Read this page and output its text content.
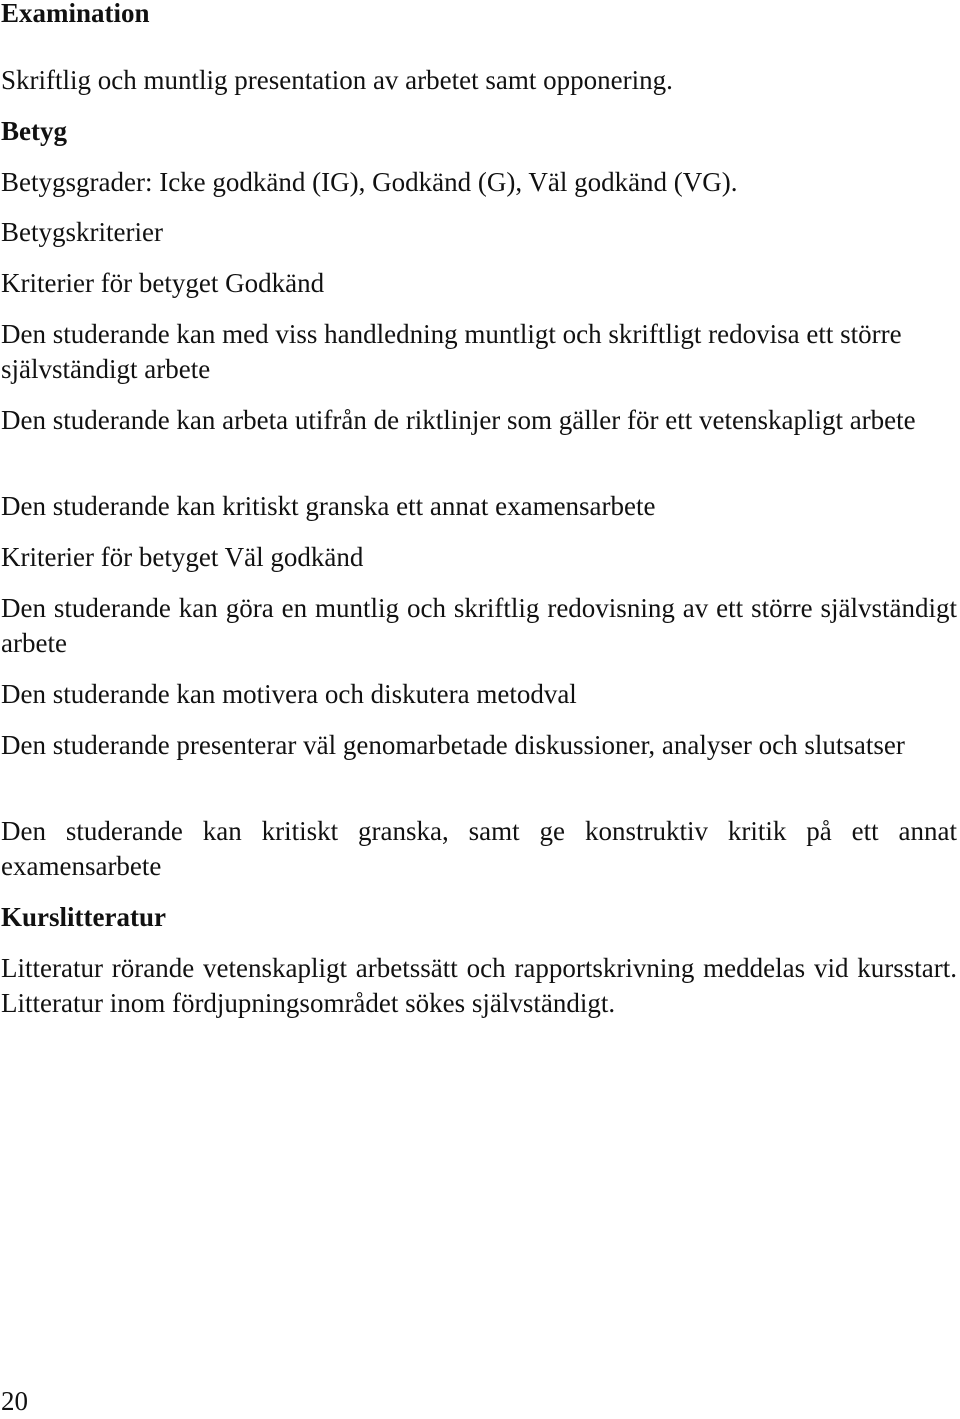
Examination

Skriftlig och muntlig presentation av arbetet samt opponering.

Betyg

Betygsgrader: Icke godkänd (IG), Godkänd (G), Väl godkänd (VG).

Betygskriterier

Kriterier för betyget Godkänd

Den studerande kan med viss handledning muntligt och skriftligt redovisa ett större självständigt arbete

Den studerande kan arbeta utifrån de riktlinjer som gäller för ett vetenskapligt arbete

Den studerande kan kritiskt granska ett annat examensarbete

Kriterier för betyget Väl godkänd

Den studerande kan göra en muntlig och skriftlig redovisning av ett större självständigt arbete

Den studerande kan motivera och diskutera metodval

Den studerande presenterar väl genomarbetade diskussioner, analyser och slutsatser

Den studerande kan kritiskt granska, samt ge konstruktiv kritik på ett annat examensarbete

Kurslitteratur

Litteratur rörande vetenskapligt arbetssätt och rapportskrivning meddelas vid kursstart. Litteratur inom fördjupningsområdet sökes självständigt.

20
